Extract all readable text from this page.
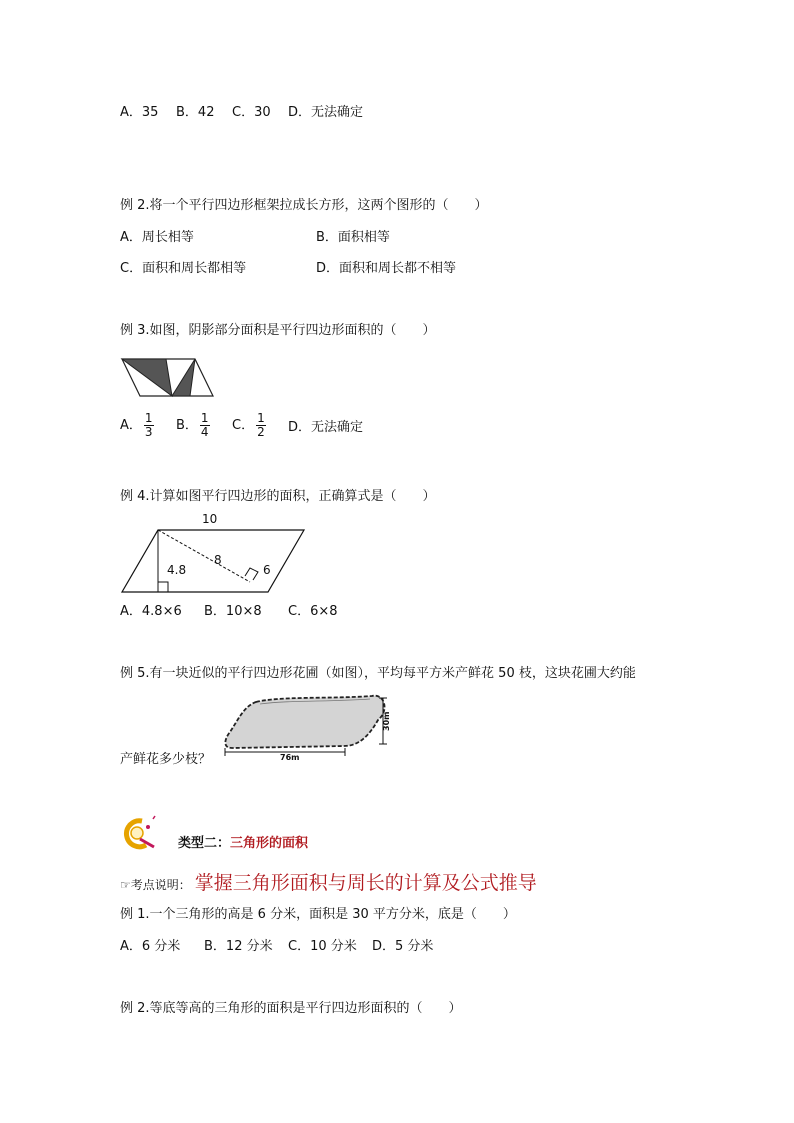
A．35 B．42 C．30 D．无法确定
例 2.将一个平行四边形框架拉成长方形，这两个图形的（　　）
A．周长相等	B．面积相等
C．面积和周长都相等	D．面积和周长都不相等
例 3.如图，阴影部分面积是平行四边形面积的（　　）
A． $\frac{1}{3}$ B． $\frac{1}{4}$ C． $\frac{1}{2}$ D．无法确定
例 4.计算如图平行四边形的面积，正确算式是（　　）
10
8
4.8	6
A．4.8×6 B．10×8 C．6×8
例 5.有一块近似的平行四边形花圃（如图），平均每平方米产鲜花 50 枝，这块花圃大约能
30m
76m
产鲜花多少枝？
类型二：三角形的面积
☞考点说明： 掌握三角形面积与周长的计算及公式推导
例 1.一个三角形的高是 6 分米，面积是 30 平方分米，底是（　　）
A．6 分米 B．12 分米 C．10 分米 D．5 分米
例 2.等底等高的三角形的面积是平行四边形面积的（　　）
